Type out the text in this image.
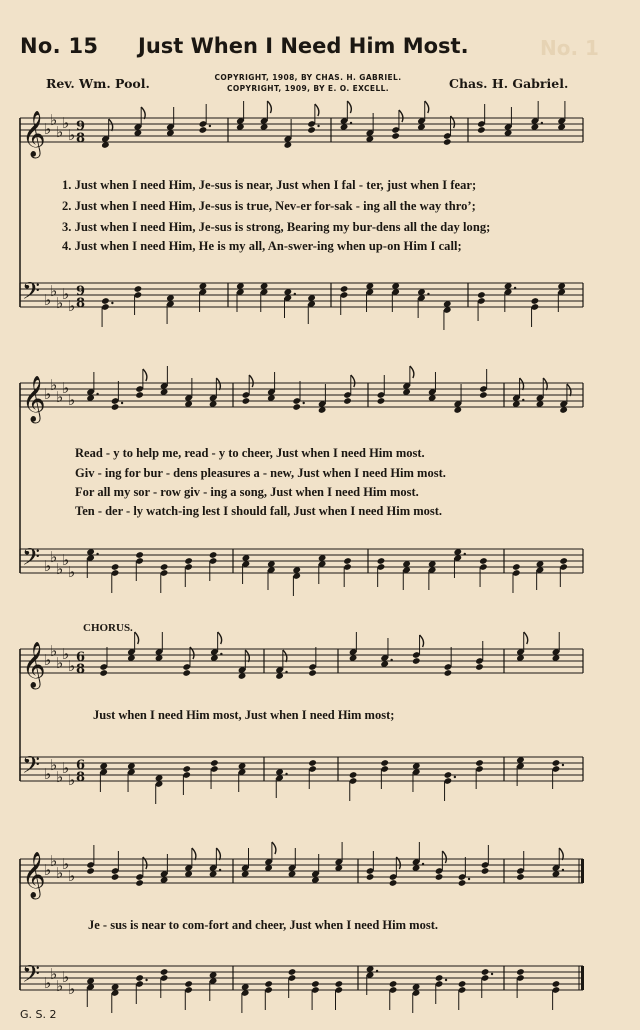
No. 15 Just When I Need Him Most.	No. 1
Rev. Wm. Pool.	COPYRIGHT, 1908, BY CHAS. H. GABRIEL.
COPYRIGHT, 1909, BY E. O. EXCELL.	Chas. H. Gabriel.
𝄞
♭
♭
♭
♭
♭ 9
8
𝄢 ♭
♭
♭
♭
♭
9
8
𝄞
♭
♭
♭
♭
♭
𝄢 ♭
♭
♭
♭
♭
𝄞
♭
♭
♭
♭
♭ 6
8
𝄢 ♭
♭
♭
♭
♭
6
8
𝄞
♭
♭
♭
♭
♭
𝄢 ♭
♭
♭
♭
♭
1. Just when I need Him, Je-sus is near, Just when I fal - ter, just when I fear;
2. Just when I need Him, Je-sus is true, Nev-er for-sak - ing all the way thro’;
3. Just when I need Him, Je-sus is strong, Bearing my bur-dens all the day long;
4. Just when I need Him, He is my all, An-swer-ing when up-on Him I call;
Read - y to help me, read - y to cheer, Just when I need Him most.
Giv - ing for bur - dens pleasures a - new, Just when I need Him most.
For all my sor - row giv - ing a song, Just when I need Him most.
Ten - der - ly watch-ing lest I should fall, Just when I need Him most.
CHORUS.
Just when I need Him most, Just when I need Him most;
Je - sus is near to com-fort and cheer, Just when I need Him most.
G. S. 2
